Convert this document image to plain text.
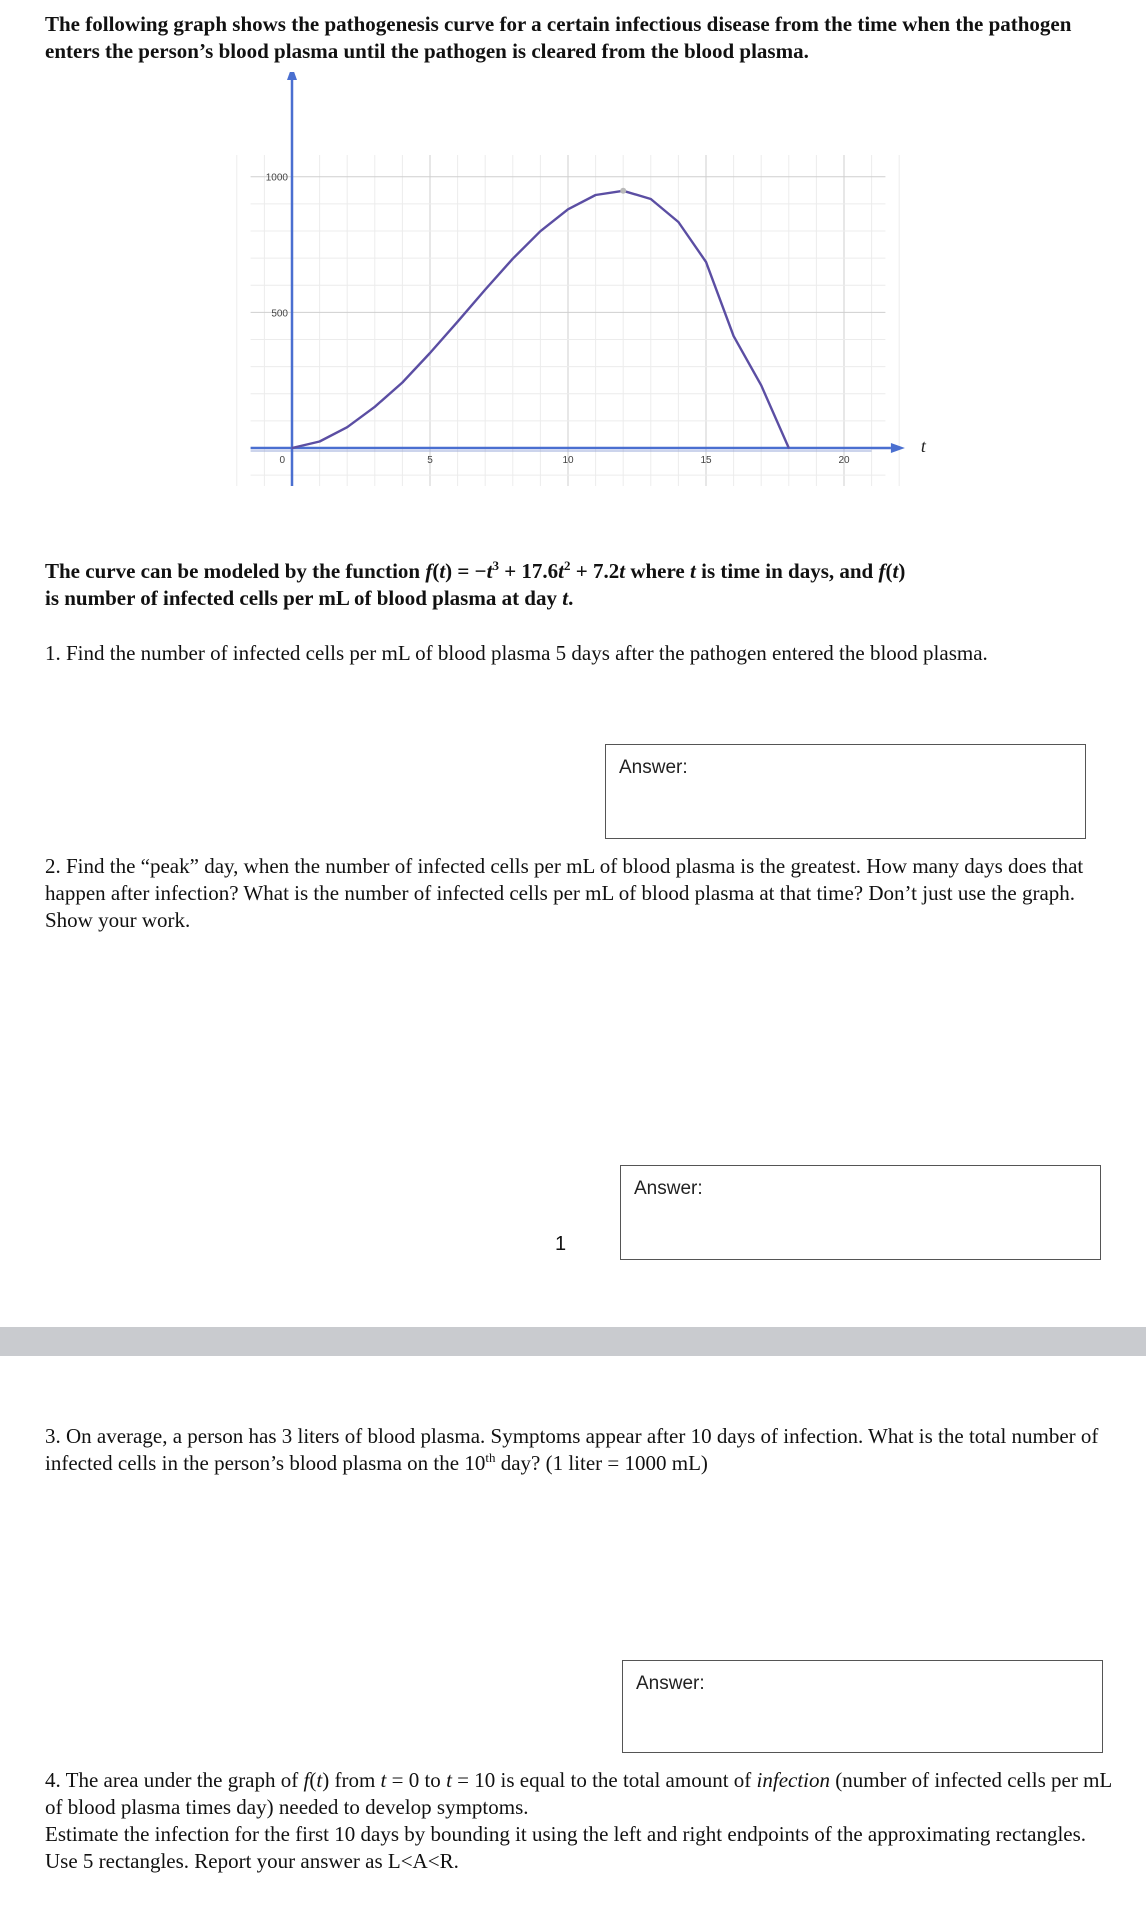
The following graph shows the pathogenesis curve for a certain infectious disease from the time when the pathogen enters the person’s blood plasma until the pathogen is cleared from the blood plasma.
t
0	5	10	15	20
500
1000
The curve can be modeled by the function $f(t) = -t^3 + 17.6t^2 + 7.2t$ where t is time in days, and f(t)
is number of infected cells per mL of blood plasma at day t.
1. Find the number of infected cells per mL of blood plasma 5 days after the pathogen entered the blood plasma.
Answer:
2. Find the “peak” day, when the number of infected cells per mL of blood plasma is the greatest. How many days does that happen after infection? What is the number of infected cells per mL of blood plasma at that time? Don’t just use the graph. Show your work.
Answer:
1
3. On average, a person has 3 liters of blood plasma. Symptoms appear after 10 days of infection. What is the total number of infected cells in the person’s blood plasma on the 10th day? (1 liter = 1000 mL)
Answer:
4. The area under the graph of f(t) from t = 0 to t = 10 is equal to the total amount of infection (number of infected cells per mL of blood plasma times day) needed to develop symptoms.
Estimate the infection for the first 10 days by bounding it using the left and right endpoints of the approximating rectangles. Use 5 rectangles. Report your answer as L<A<R.
